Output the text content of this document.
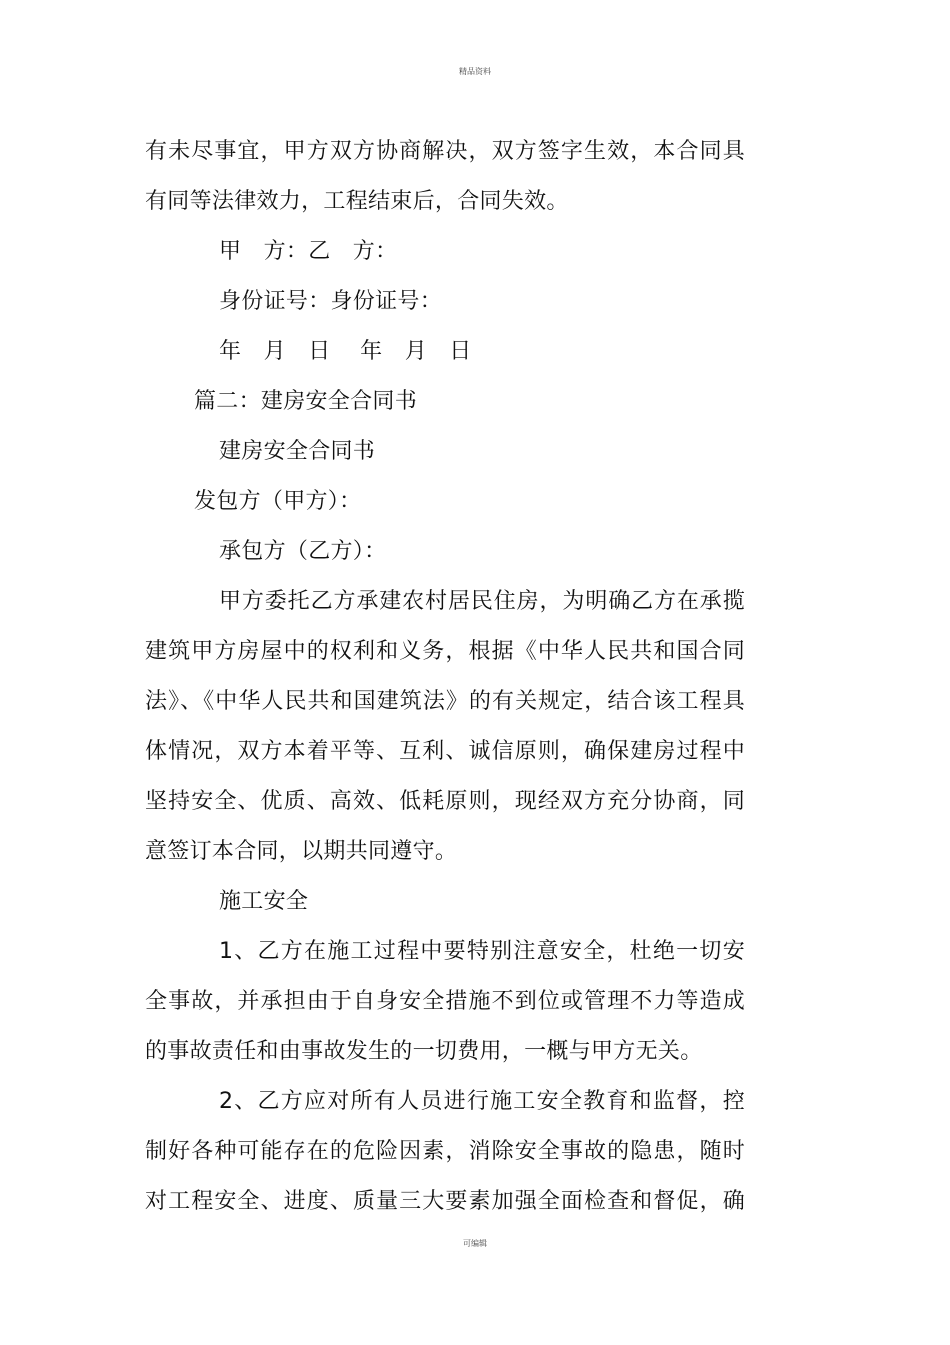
精品资料

有未尽事宜，甲方双方协商解决，双方签字生效，本合同具

有同等法律效力，工程结束后，合同失效。

甲　方：乙　方：

身份证号：身份证号：

年　月　日　 年　月　日

篇二：建房安全合同书

建房安全合同书

发包方（甲方）：

承包方（乙方）：

甲方委托乙方承建农村居民住房，为明确乙方在承揽

建筑甲方房屋中的权利和义务，根据《中华人民共和国合同

法》、《中华人民共和国建筑法》的有关规定，结合该工程具

体情况，双方本着平等、互利、诚信原则，确保建房过程中

坚持安全、优质、高效、低耗原则，现经双方充分协商，同

意签订本合同，以期共同遵守。

施工安全

1、乙方在施工过程中要特别注意安全，杜绝一切安

全事故，并承担由于自身安全措施不到位或管理不力等造成

的事故责任和由事故发生的一切费用，一概与甲方无关。

2、乙方应对所有人员进行施工安全教育和监督，控

制好各种可能存在的危险因素，消除安全事故的隐患，随时

对工程安全、进度、质量三大要素加强全面检查和督促，确

可编辑
